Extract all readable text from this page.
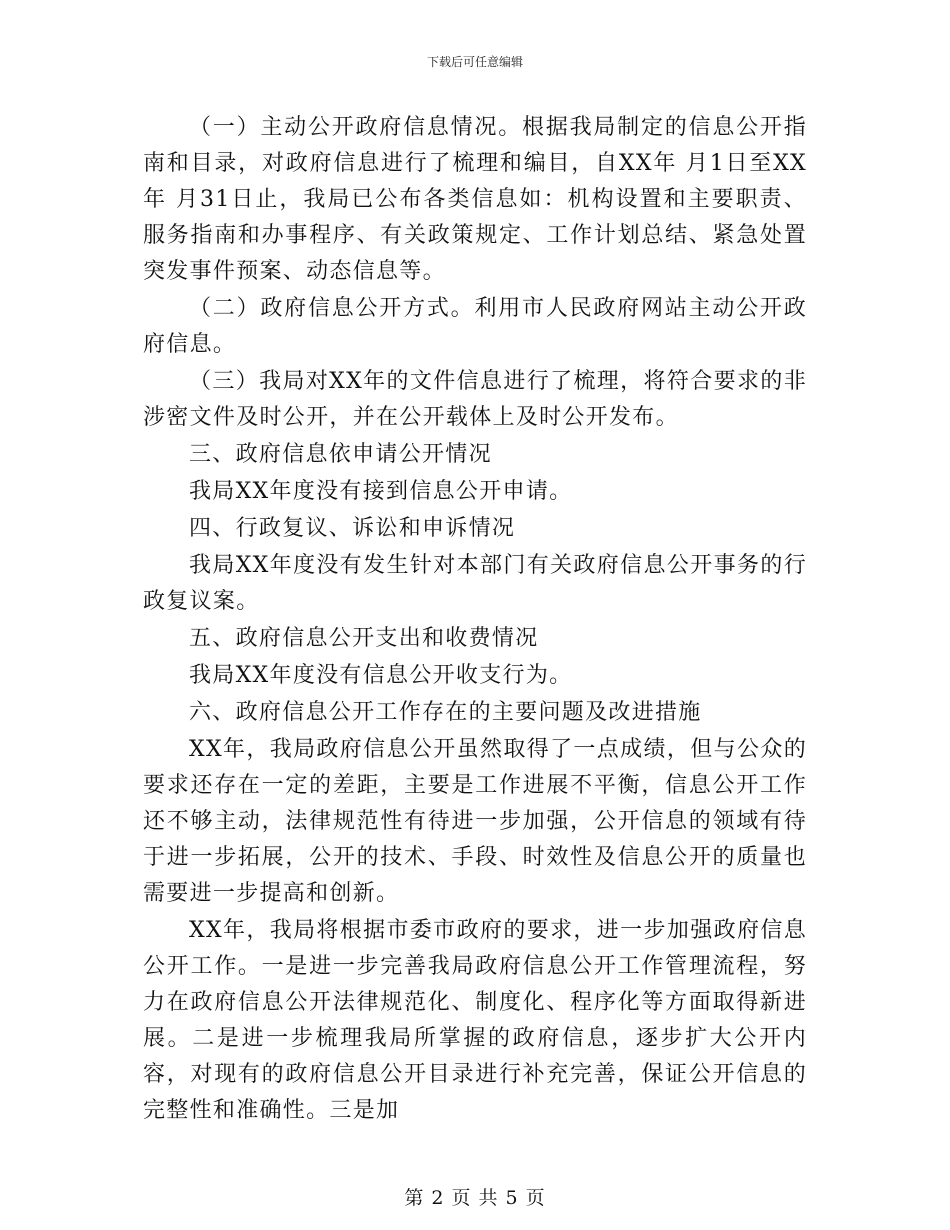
下载后可任意编辑

（一）主动公开政府信息情况。根据我局制定的信息公开指南和目录，对政府信息进行了梳理和编目，自XX年 月1日至XX年 月31日止，我局已公布各类信息如：机构设置和主要职责、服务指南和办事程序、有关政策规定、工作计划总结、紧急处置突发事件预案、动态信息等。

（二）政府信息公开方式。利用市人民政府网站主动公开政府信息。

（三）我局对XX年的文件信息进行了梳理，将符合要求的非涉密文件及时公开，并在公开载体上及时公开发布。

三、政府信息依申请公开情况

我局XX年度没有接到信息公开申请。

四、行政复议、诉讼和申诉情况

我局XX年度没有发生针对本部门有关政府信息公开事务的行政复议案。

五、政府信息公开支出和收费情况

我局XX年度没有信息公开收支行为。

六、政府信息公开工作存在的主要问题及改进措施

XX年，我局政府信息公开虽然取得了一点成绩，但与公众的要求还存在一定的差距，主要是工作进展不平衡，信息公开工作还不够主动，法律规范性有待进一步加强，公开信息的领域有待于进一步拓展，公开的技术、手段、时效性及信息公开的质量也需要进一步提高和创新。

XX年，我局将根据市委市政府的要求，进一步加强政府信息公开工作。一是进一步完善我局政府信息公开工作管理流程，努力在政府信息公开法律规范化、制度化、程序化等方面取得新进展。二是进一步梳理我局所掌握的政府信息，逐步扩大公开内容，对现有的政府信息公开目录进行补充完善，保证公开信息的完整性和准确性。三是加

第 2 页 共 5 页
